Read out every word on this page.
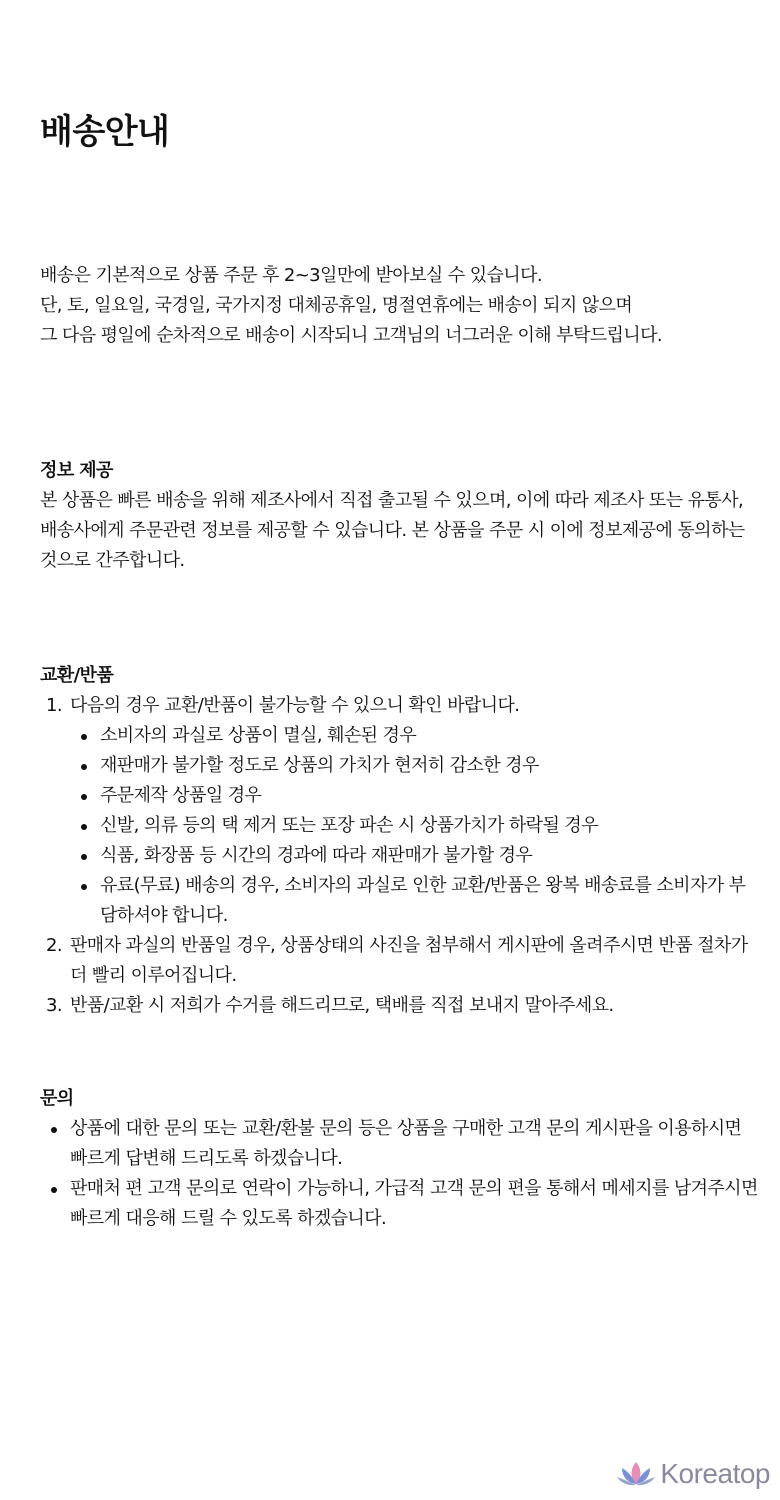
배송안내

배송은 기본적으로 상품 주문 후 2~3일만에 받아보실 수 있습니다.

단, 토, 일요일, 국경일, 국가지정 대체공휴일, 명절연휴에는 배송이 되지 않으며

그 다음 평일에 순차적으로 배송이 시작되니 고객님의 너그러운 이해 부탁드립니다.

정보 제공

본 상품은 빠른 배송을 위해 제조사에서 직접 출고될 수 있으며, 이에 따라 제조사 또는 유통사, 배송사에게 주문관련 정보를 제공할 수 있습니다. 본 상품을 주문 시 이에 정보제공에 동의하는 것으로 간주합니다.

교환/반품
1. 다음의 경우 교환/반품이 불가능할 수 있으니 확인 바랍니다.
소비자의 과실로 상품이 멸실, 훼손된 경우
재판매가 불가할 정도로 상품의 가치가 현저히 감소한 경우
주문제작 상품일 경우
신발, 의류 등의 택 제거 또는 포장 파손 시 상품가치가 하락될 경우
식품, 화장품 등 시간의 경과에 따라 재판매가 불가할 경우
유료(무료) 배송의 경우, 소비자의 과실로 인한 교환/반품은 왕복 배송료를 소비자가 부담하셔야 합니다.
2. 판매자 과실의 반품일 경우, 상품상태의 사진을 첨부해서 게시판에 올려주시면 반품 절차가 더 빨리 이루어집니다.
3. 반품/교환 시 저희가 수거를 해드리므로, 택배를 직접 보내지 말아주세요.
문의
상품에 대한 문의 또는 교환/환불 문의 등은 상품을 구매한 고객 문의 게시판을 이용하시면 빠르게 답변해 드리도록 하겠습니다.
판매처 편 고객 문의로 연락이 가능하니, 가급적 고객 문의 편을 통해서 메세지를 남겨주시면 빠르게 대응해 드릴 수 있도록 하겠습니다.
Koreatop
